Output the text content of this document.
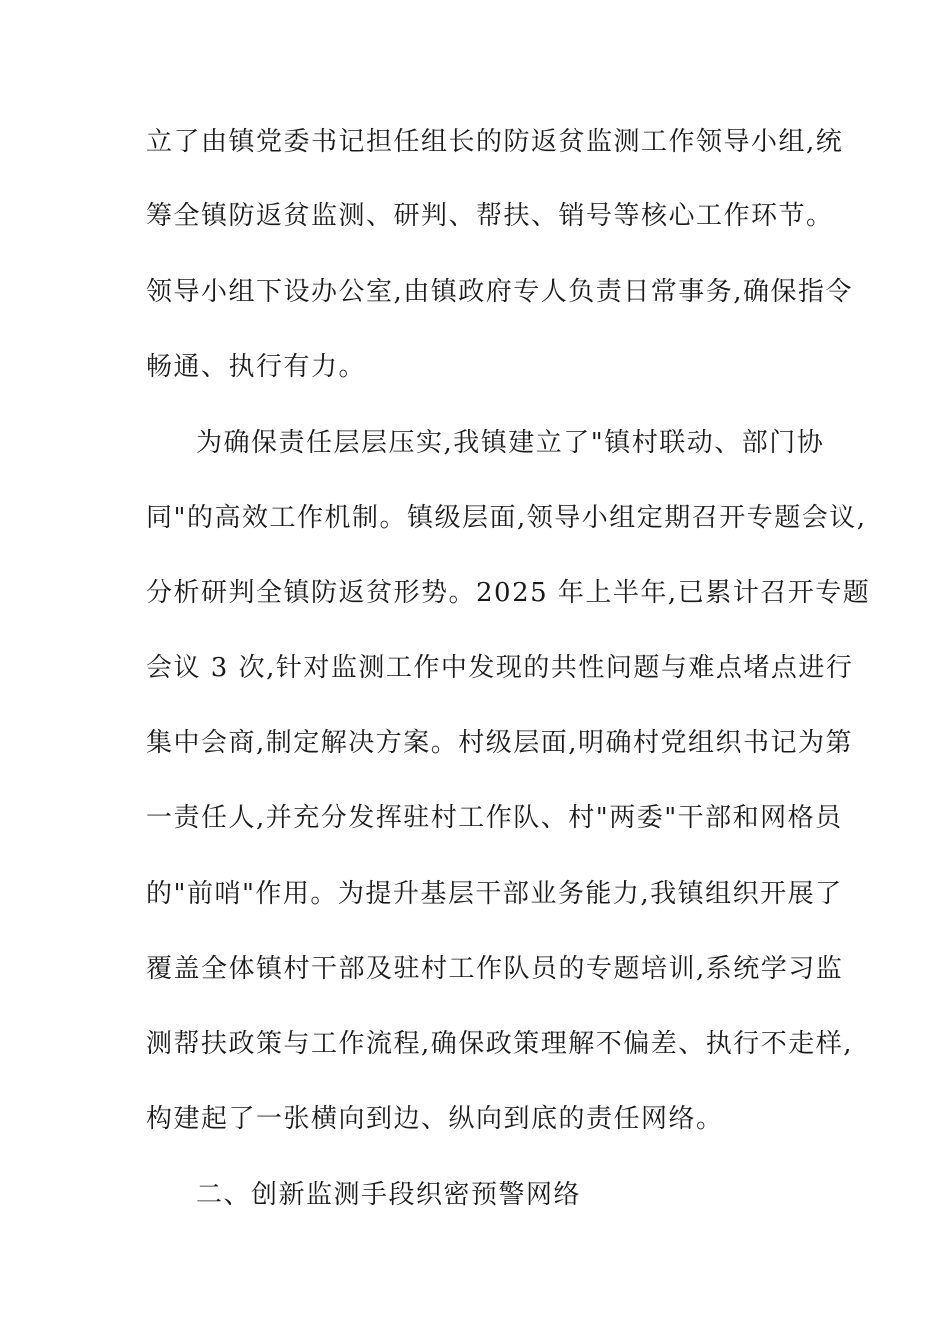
立了由镇党委书记担任组长的防返贫监测工作领导小组,统
筹全镇防返贫监测、研判、帮扶、销号等核心工作环节。
领导小组下设办公室,由镇政府专人负责日常事务,确保指令
畅通、执行有力。
为确保责任层层压实,我镇建立了"镇村联动、部门协
同"的高效工作机制。镇级层面,领导小组定期召开专题会议,
分析研判全镇防返贫形势。2025 年上半年,已累计召开专题
会议 3 次,针对监测工作中发现的共性问题与难点堵点进行
集中会商,制定解决方案。村级层面,明确村党组织书记为第
一责任人,并充分发挥驻村工作队、村"两委"干部和网格员
的"前哨"作用。为提升基层干部业务能力,我镇组织开展了
覆盖全体镇村干部及驻村工作队员的专题培训,系统学习监
测帮扶政策与工作流程,确保政策理解不偏差、执行不走样,
构建起了一张横向到边、纵向到底的责任网络。
二、创新监测手段织密预警网络
